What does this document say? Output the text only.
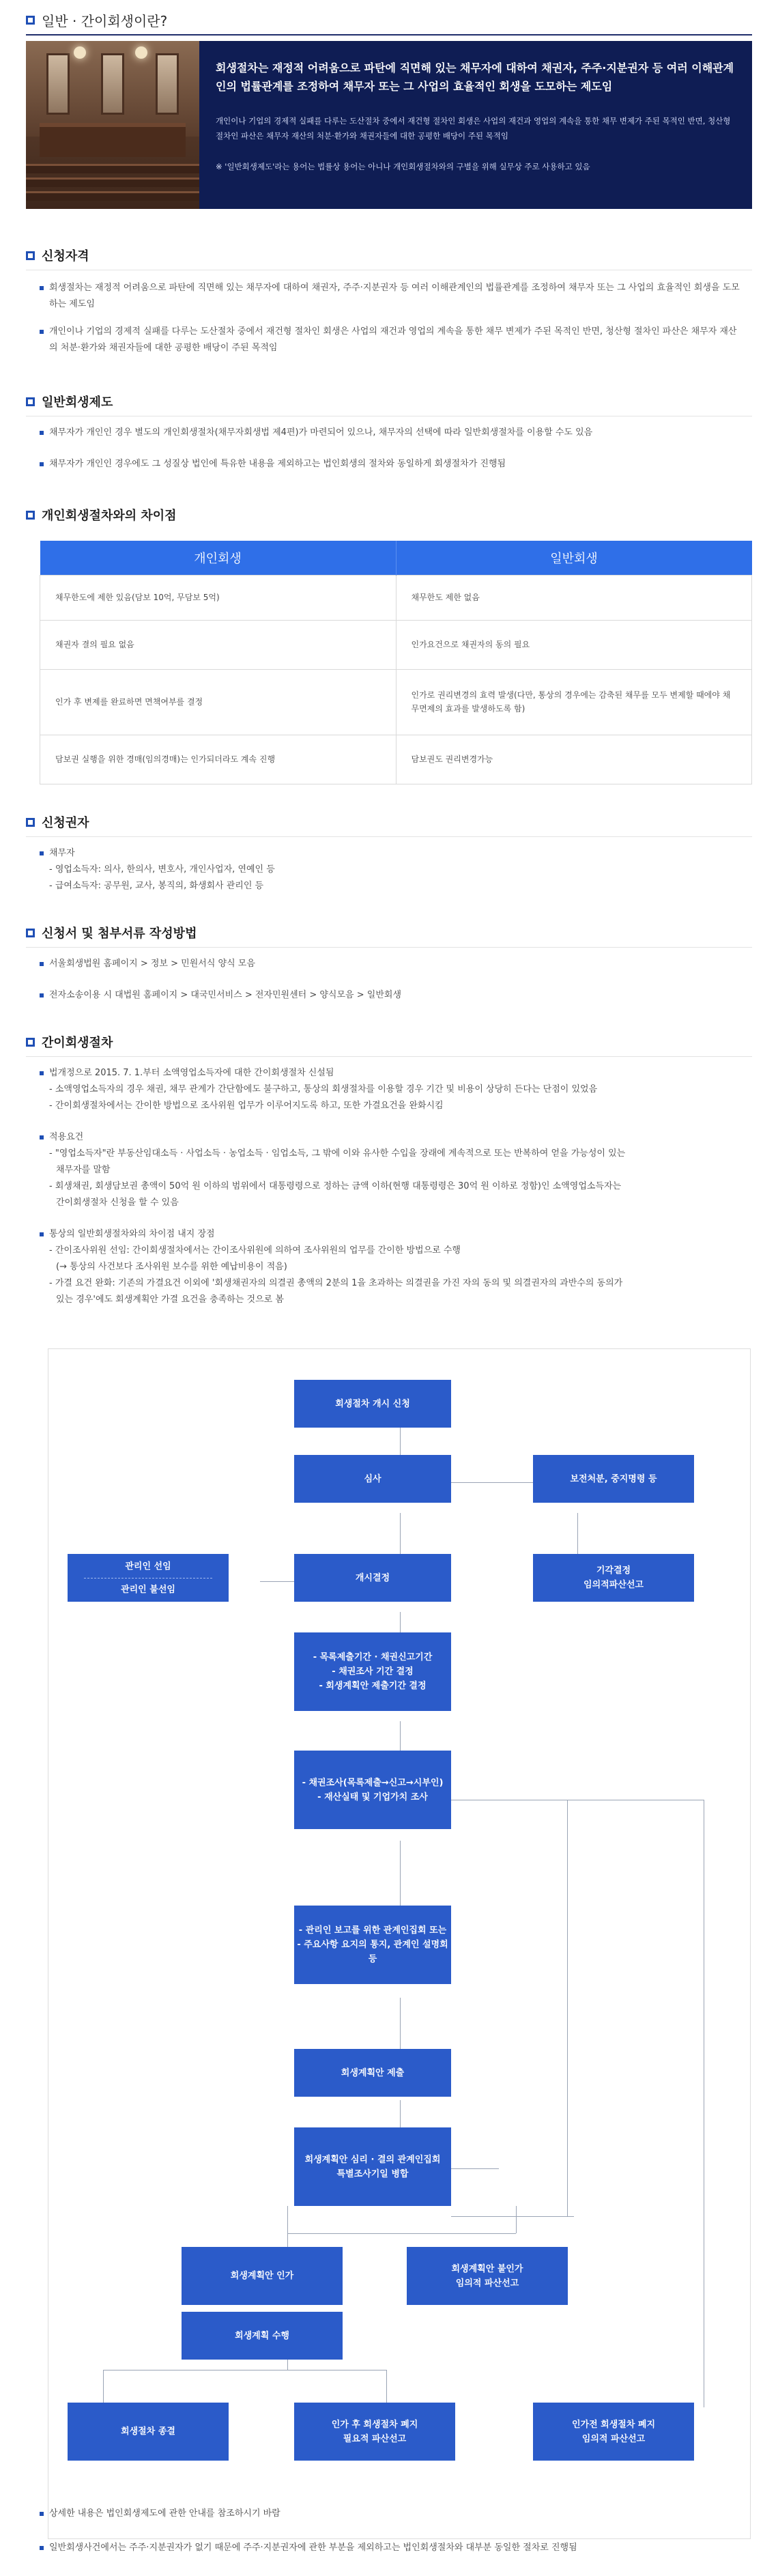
일반 · 간이회생이란?

회생절차는 재정적 어려움으로 파탄에 직면해 있는 채무자에 대하여 채권자, 주주·지분권자 등 여러 이해관계인의 법률관계를 조정하여 채무자 또는 그 사업의 효율적인 회생을 도모하는 제도임

개인이나 기업의 경제적 실패를 다루는 도산절차 중에서 재건형 절차인 회생은 사업의 재건과 영업의 계속을 통한 채무 변제가 주된 목적인 반면, 청산형 절차인 파산은 채무자 재산의 처분·환가와 채권자들에 대한 공평한 배당이 주된 목적임

※ '일반회생제도'라는 용어는 법률상 용어는 아니나 개인회생절차와의 구별을 위해 실무상 주로 사용하고 있음

신청자격
회생절차는 재정적 어려움으로 파탄에 직면해 있는 채무자에 대하여 채권자, 주주·지분권자 등 여러 이해관계인의 법률관계를 조정하여 채무자 또는 그 사업의 효율적인 회생을 도모하는 제도임
개인이나 기업의 경제적 실패를 다루는 도산절차 중에서 재건형 절차인 회생은 사업의 재건과 영업의 계속을 통한 채무 변제가 주된 목적인 반면, 청산형 절차인 파산은 채무자 재산의 처분·환가와 채권자들에 대한 공평한 배당이 주된 목적임
일반회생제도
채무자가 개인인 경우 별도의 개인회생절차(채무자회생법 제4편)가 마련되어 있으나, 채무자의 선택에 따라 일반회생절차를 이용할 수도 있음
채무자가 개인인 경우에도 그 성질상 법인에 특유한 내용을 제외하고는 법인회생의 절차와 동일하게 회생절차가 진행됨
개인회생절차와의 차이점
개인회생	일반회생
채무한도에 제한 있음(담보 10억, 무담보 5억)	채무한도 제한 없음
채권자 결의 필요 없음	인가요건으로 채권자의 동의 필요
인가 후 변제를 완료하면 면책여부를 결정	인가로 권리변경의 효력 발생(다만, 통상의 경우에는 감축된 채무를 모두 변제할 때에야 채무면제의 효과를 발생하도록 함)
담보권 실행을 위한 경매(임의경매)는 인가되더라도 계속 진행	담보권도 권리변경가능
신청권자
채무자
- 영업소득자: 의사, 한의사, 변호사, 개인사업자, 연예인 등
- 급여소득자: 공무원, 교사, 봉직의, 화생회사 관리인 등
신청서 및 첨부서류 작성방법
서울회생법원 홈페이지 > 정보 > 민원서식 양식 모음
전자소송이용 시 대법원 홈페이지 > 대국민서비스 > 전자민원센터 > 양식모음 > 일반회생
간이회생절차
법개정으로 2015. 7. 1.부터 소액영업소득자에 대한 간이회생절차 신설됨
- 소액영업소득자의 경우 채권, 채무 관계가 간단함에도 불구하고, 통상의 회생절차를 이용할 경우 기간 및 비용이 상당히 든다는 단점이 있었음
- 간이회생절차에서는 간이한 방법으로 조사위원 업무가 이루어지도록 하고, 또한 가결요건을 완화시킴
적용요건
- "영업소득자"란 부동산임대소득 · 사업소득 · 농업소득 · 임업소득, 그 밖에 이와 유사한 수입을 장래에 계속적으로 또는 반복하여 얻을 가능성이 있는
채무자를 말함
- 회생채권, 회생담보권 총액이 50억 원 이하의 범위에서 대통령령으로 정하는 금액 이하(현행 대통령령은 30억 원 이하로 정함)인 소액영업소득자는
간이회생절차 신청을 할 수 있음
통상의 일반회생절차와의 차이점 내지 장점
- 간이조사위원 선임: 간이회생절차에서는 간이조사위원에 의하여 조사위원의 업무를 간이한 방법으로 수행
(→ 통상의 사건보다 조사위원 보수를 위한 예납비용이 적음)
- 가결 요건 완화: 기존의 가결요건 이외에 '회생채권자의 의결권 총액의 2분의 1을 초과하는 의결권을 가진 자의 동의 및 의결권자의 과반수의 동의가
있는 경우'에도 회생계획안 가결 요건을 충족하는 것으로 봄
회생절차 개시 신청
심사	보전처분, 중지명령 등
관리인 선임
관리인 불선임
개시결정
기각결정
임의적파산선고
- 목록제출기간 · 채권신고기간
- 채권조사 기간 결정
- 회생계획안 제출기간 결정
- 채권조사(목록제출→신고→시부인)
- 재산실태 및 기업가치 조사
- 관리인 보고를 위한 관계인집회 또는
- 주요사항 요지의 통지, 관계인 설명회 등
회생계획안 제출
회생계획안 심리 · 결의 관계인집회
특별조사기일 병합
회생계획안 인가
회생계획안 불인가
임의적 파산선고
회생계획 수행
회생절차 종결
인가 후 회생절차 폐지
필요적 파산선고
인가전 회생절차 폐지
임의적 파산선고
상세한 내용은 법인회생제도에 관한 안내를 참조하시기 바람
일반회생사건에서는 주주·지분권자가 없기 때문에 주주·지분권자에 관한 부분을 제외하고는 법인회생절차와 대부분 동일한 절차로 진행됨
